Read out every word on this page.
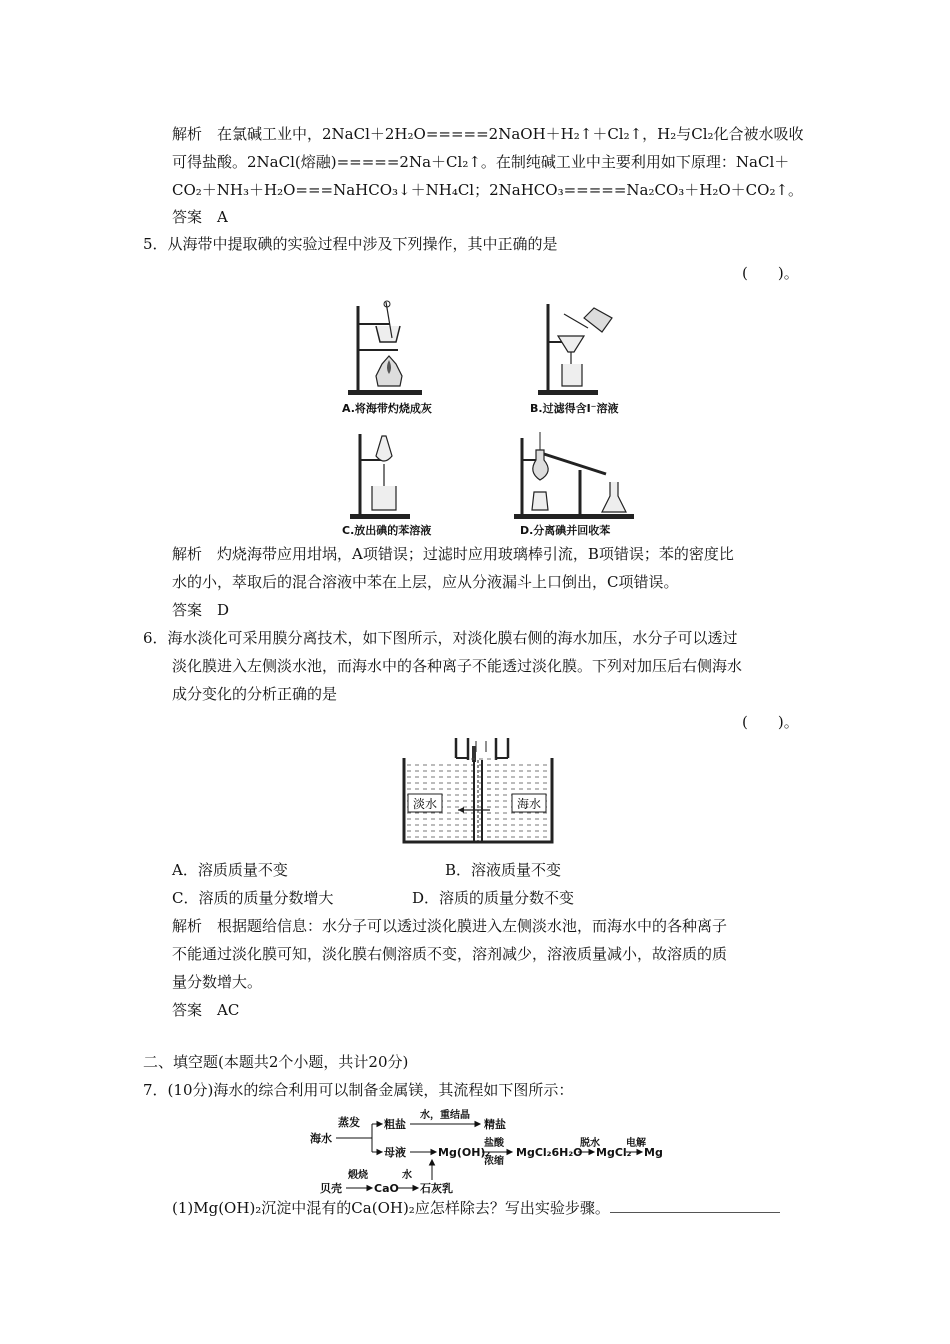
解析　在氯碱工业中，2NaCl＋2H₂O=====2NaOH＋H₂↑＋Cl₂↑，H₂与Cl₂化合被水吸收
可得盐酸。2NaCl(熔融)=====2Na＋Cl₂↑。在制纯碱工业中主要利用如下原理：NaCl＋
CO₂＋NH₃＋H₂O===NaHCO₃↓＋NH₄Cl；2NaHCO₃=====Na₂CO₃＋H₂O＋CO₂↑。
答案　A
5．从海带中提取碘的实验过程中涉及下列操作，其中正确的是
(　　)。
A.将海带灼烧成灰	B.过滤得含I⁻溶液
C.放出碘的苯溶液	D.分离碘并回收苯
解析　灼烧海带应用坩埚，A项错误；过滤时应用玻璃棒引流，B项错误；苯的密度比
水的小，萃取后的混合溶液中苯在上层，应从分液漏斗上口倒出，C项错误。
答案　D
6．海水淡化可采用膜分离技术，如下图所示，对淡化膜右侧的海水加压，水分子可以透过
淡化膜进入左侧淡水池，而海水中的各种离子不能透过淡化膜。下列对加压后右侧海水
成分变化的分析正确的是
(　　)。
淡水	海水
A．溶质质量不变	B．溶液质量不变
C．溶质的质量分数增大	D．溶质的质量分数不变
解析　根据题给信息：水分子可以透过淡化膜进入左侧淡水池，而海水中的各种离子
不能通过淡化膜可知，淡化膜右侧溶质不变，溶剂减少，溶液质量减小，故溶质的质
量分数增大。
答案　AC
二、填空题(本题共2个小题，共计20分)
7．(10分)海水的综合利用可以制备金属镁，其流程如下图所示：
海水
蒸发 粗盐
水，重结晶
精盐
母液	Mg(OH)₂
盐酸
浓缩
MgCl₂6H₂O
脱水
MgCl₂
电解
Mg
贝壳
煅烧
CaO
水
石灰乳
(1)Mg(OH)₂沉淀中混有的Ca(OH)₂应怎样除去？写出实验步骤。
